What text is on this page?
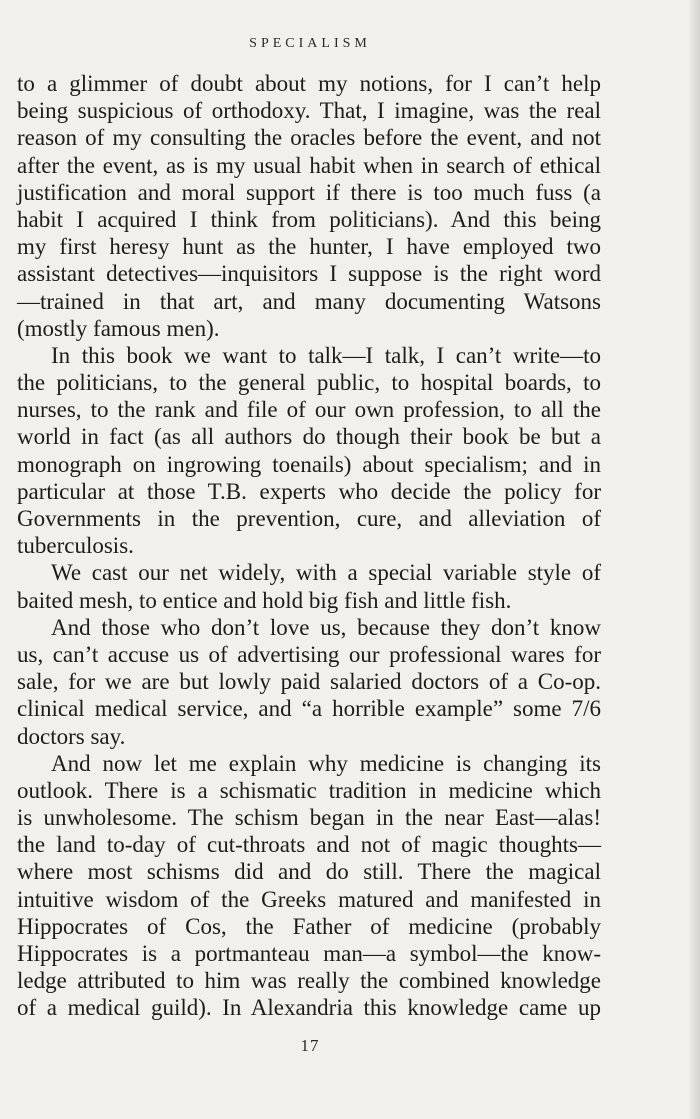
SPECIALISM
to a glimmer of doubt about my notions, for I can’t help
being suspicious of orthodoxy. That, I imagine, was the real
reason of my consulting the oracles before the event, and not
after the event, as is my usual habit when in search of ethical
justification and moral support if there is too much fuss (a
habit I acquired I think from politicians). And this being
my first heresy hunt as the hunter, I have employed two
assistant detectives—inquisitors I suppose is the right word
—trained in that art, and many documenting Watsons
(mostly famous men).
In this book we want to talk—I talk, I can’t write—to
the politicians, to the general public, to hospital boards, to
nurses, to the rank and file of our own profession, to all the
world in fact (as all authors do though their book be but a
monograph on ingrowing toenails) about specialism; and in
particular at those T.B. experts who decide the policy for
Governments in the prevention, cure, and alleviation of
tuberculosis.
We cast our net widely, with a special variable style of
baited mesh, to entice and hold big fish and little fish.
And those who don’t love us, because they don’t know
us, can’t accuse us of advertising our professional wares for
sale, for we are but lowly paid salaried doctors of a Co-op.
clinical medical service, and “a horrible example” some 7/6
doctors say.
And now let me explain why medicine is changing its
outlook. There is a schismatic tradition in medicine which
is unwholesome. The schism began in the near East—alas!
the land to-day of cut-throats and not of magic thoughts—
where most schisms did and do still. There the magical
intuitive wisdom of the Greeks matured and manifested in
Hippocrates of Cos, the Father of medicine (probably
Hippocrates is a portmanteau man—a symbol—the know-
ledge attributed to him was really the combined knowledge
of a medical guild). In Alexandria this knowledge came up
17
